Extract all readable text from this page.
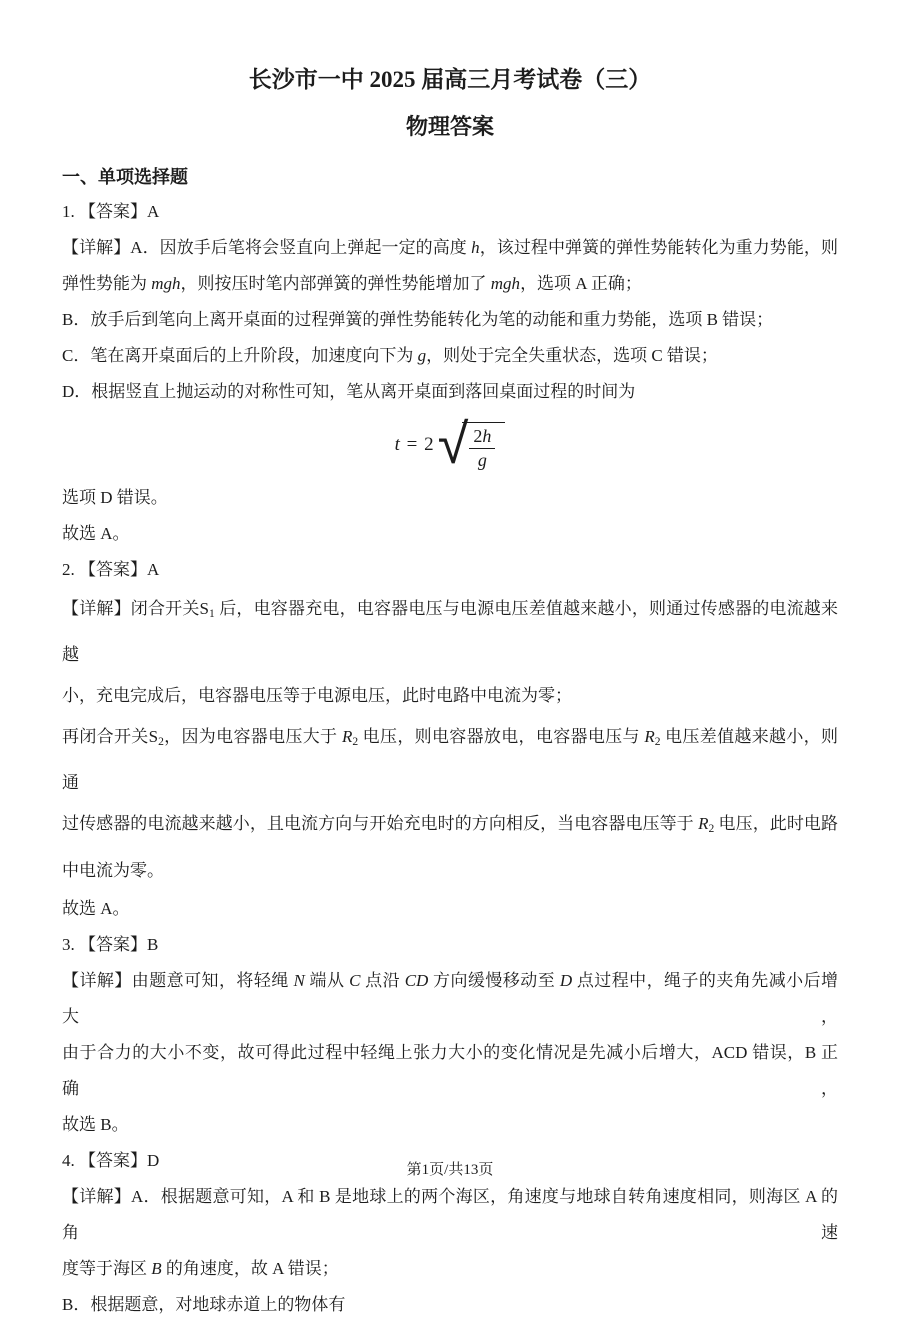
长沙市一中 2025 届高三月考试卷（三）
物理答案
一、单项选择题
1. 【答案】A
【详解】A．因放手后笔将会竖直向上弹起一定的高度 h，该过程中弹簧的弹性势能转化为重力势能，则
弹性势能为 mgh，则按压时笔内部弹簧的弹性势能增加了 mgh，选项 A 正确；
B．放手后到笔向上离开桌面的过程弹簧的弹性势能转化为笔的动能和重力势能，选项 B 错误；
C．笔在离开桌面后的上升阶段，加速度向下为 g，则处于完全失重状态，选项 C 错误；
D．根据竖直上抛运动的对称性可知，笔从离开桌面到落回桌面过程的时间为
t = 2 √ $\frac{2h}{g}$
选项 D 错误。
故选 A。
2. 【答案】A
【详解】闭合开关S1 后，电容器充电，电容器电压与电源电压差值越来越小，则通过传感器的电流越来越
小，充电完成后，电容器电压等于电源电压，此时电路中电流为零；
再闭合开关S2，因为电容器电压大于 R2 电压，则电容器放电，电容器电压与 R2 电压差值越来越小，则通
过传感器的电流越来越小，且电流方向与开始充电时的方向相反，当电容器电压等于 R2 电压，此时电路
中电流为零。
故选 A。
3. 【答案】B
【详解】由题意可知，将轻绳 N 端从 C 点沿 CD 方向缓慢移动至 D 点过程中，绳子的夹角先减小后增大，
由于合力的大小不变，故可得此过程中轻绳上张力大小的变化情况是先减小后增大，ACD 错误，B 正确，
故选 B。
4. 【答案】D
【详解】A．根据题意可知，A 和 B 是地球上的两个海区，角速度与地球自转角速度相同，则海区 A 的角速
度等于海区 B 的角速度，故 A 错误；
B．根据题意，对地球赤道上的物体有
第1页/共13页
